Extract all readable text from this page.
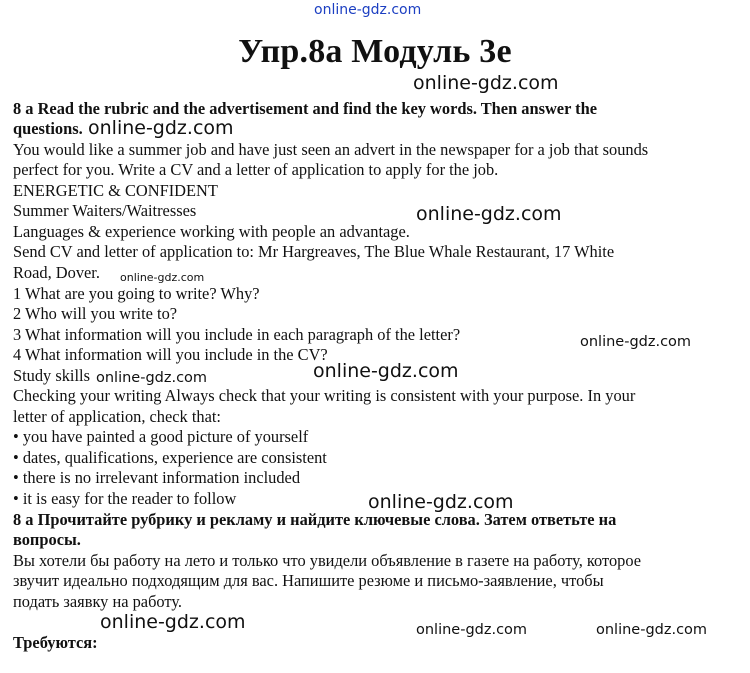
online-gdz.com
Упр.8а Модуль 3е
online-gdz.com
8 a Read the rubric and the advertisement and find the key words. Then answer the
questions. online-gdz.com
You would like a summer job and have just seen an advert in the newspaper for a job that sounds
perfect for you. Write a CV and a letter of application to apply for the job.
ENERGETIC & CONFIDENT
Summer Waiters/Waitresses	online-gdz.com
Languages & experience working with people an advantage.
Send CV and letter of application to: Mr Hargreaves, The Blue Whale Restaurant, 17 White
Road, Dover. online-gdz.com
1 What are you going to write? Why?
2 Who will you write to?
3 What information will you include in each paragraph of the letter?	online-gdz.com
4 What information will you include in the CV?
online-gdz.com
Study skills online-gdz.com
Checking your writing Always check that your writing is consistent with your purpose. In your
letter of application, check that:
• you have painted a good picture of yourself
• dates, qualifications, experience are consistent
• there is no irrelevant information included
• it is easy for the reader to follow	online-gdz.com
8 а Прочитайте рубрику и рекламу и найдите ключевые слова. Затем ответьте на
вопросы.
Вы хотели бы работу на лето и только что увидели объявление в газете на работу, которое
звучит идеально подходящим для вас. Напишите резюме и письмо-заявление, чтобы
подать заявку на работу.
online-gdz.com	online-gdz.com	online-gdz.com
Требуются:
